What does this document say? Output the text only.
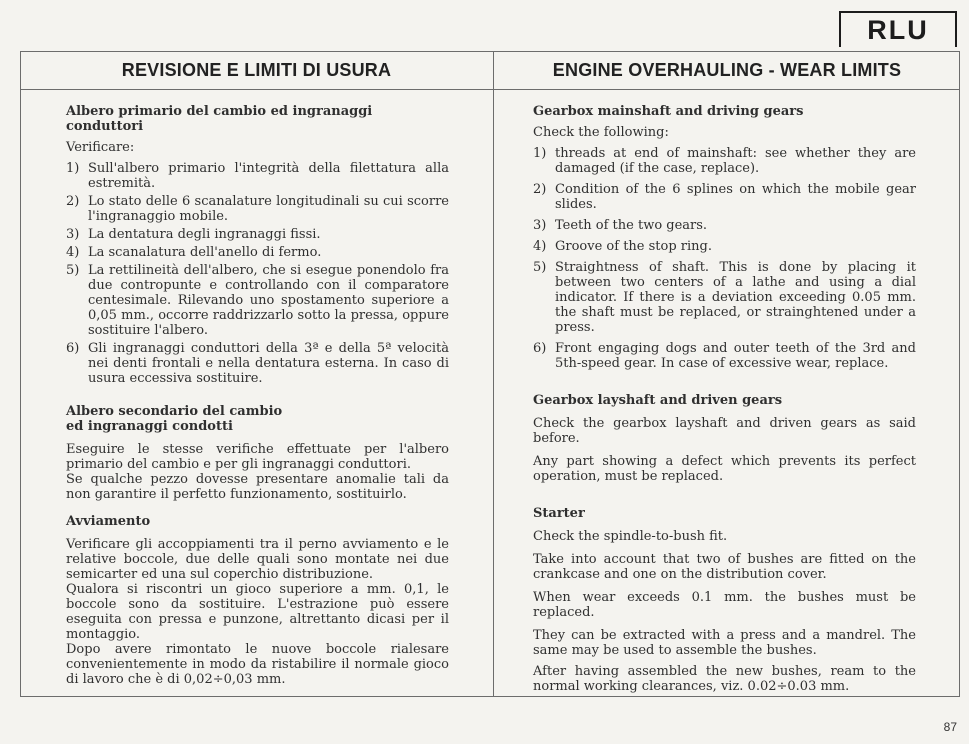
RLU
REVISIONE E LIMITI DI USURA	ENGINE OVERHAULING - WEAR LIMITS
Albero primario del cambio ed ingranaggi conduttori

Verificare:

1) Sull'albero primario l'integrità della filettatura alla estremità.
2) Lo stato delle 6 scanalature longitudinali su cui scorre l'ingranaggio mobile.
3) La dentatura degli ingranaggi fissi.
4) La scanalatura dell'anello di fermo.
5) La rettilineità dell'albero, che si esegue ponendolo fra due contropunte e controllando con il comparatore centesimale. Rilevando uno spostamento superiore a 0,05 mm., occorre raddrizzarlo sotto la pressa, oppure sostituire l'albero.
6) Gli ingranaggi conduttori della 3ª e della 5ª velocità nei denti frontali e nella dentatura esterna. In caso di usura eccessiva sostituire.
Albero secondario del cambio
ed ingranaggi condotti

Eseguire le stesse verifiche effettuate per l'albero primario del cambio e per gli ingranaggi conduttori.

Se qualche pezzo dovesse presentare anomalie tali da non garantire il perfetto funzionamento, sostituirlo.

Avviamento

Verificare gli accoppiamenti tra il perno avviamento e le relative boccole, due delle quali sono montate nei due semicarter ed una sul coperchio distribuzione.

Qualora si riscontri un gioco superiore a mm. 0,1, le boccole sono da sostituire. L'estrazione può essere eseguita con pressa e punzone, altrettanto dicasi per il montaggio.

Dopo avere rimontato le nuove boccole rialesare convenientemente in modo da ristabilire il normale gioco di lavoro che è di 0,02÷0,03 mm.

Gearbox mainshaft and driving gears

Check the following:

1) threads at end of mainshaft: see whether they are damaged (if the case, replace).
2) Condition of the 6 splines on which the mobile gear slides.
3) Teeth of the two gears.
4) Groove of the stop ring.
5) Straightness of shaft. This is done by placing it between two centers of a lathe and using a dial indicator. If there is a deviation exceeding 0.05 mm. the shaft must be replaced, or strainghtened under a press.
6) Front engaging dogs and outer teeth of the 3rd and 5th-speed gear. In case of excessive wear, replace.
Gearbox layshaft and driven gears

Check the gearbox layshaft and driven gears as said before.

Any part showing a defect which prevents its perfect operation, must be replaced.

Starter

Check the spindle-to-bush fit.

Take into account that two of bushes are fitted on the crankcase and one on the distribution cover.

When wear exceeds 0.1 mm. the bushes must be replaced.

They can be extracted with a press and a mandrel. The same may be used to assemble the bushes.

After having assembled the new bushes, ream to the normal working clearances, viz. 0.02÷0.03 mm.

87
